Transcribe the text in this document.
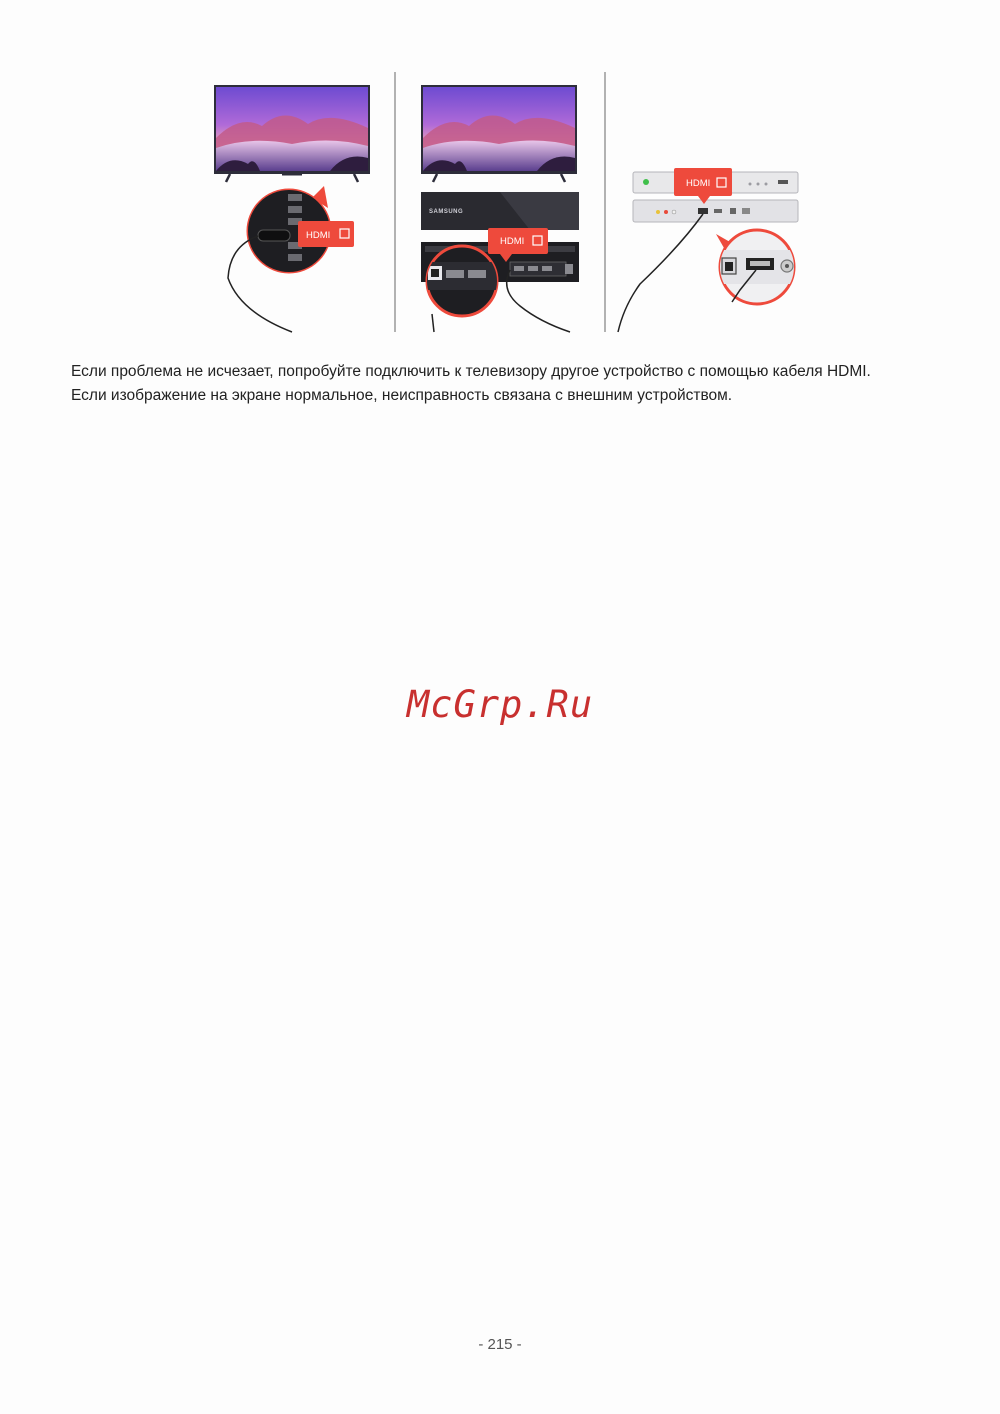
HDMI
SAMSUNG
HDMI
HDMI

Если проблема не исчезает, попробуйте подключить к телевизору другое устройство с помощью кабеля HDMI.

Если изображение на экране нормальное, неисправность связана с внешним устройством.

McGrp.Ru
- 215 -
